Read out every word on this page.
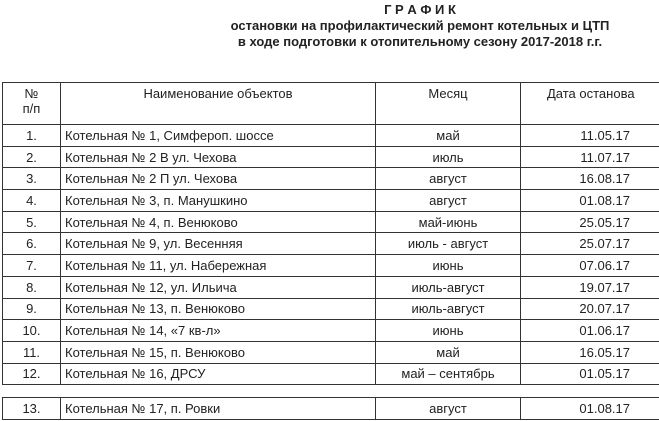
Г Р А Ф И К
остановки на профилактический ремонт котельных и ЦТП
в ходе подготовки к отопительному сезону 2017-2018 г.г.
№
п/п	Наименование объектов	Месяц	Дата останова
1.	Котельная № 1, Симфероп. шоссе	май	11.05.17
2.	Котельная № 2 В ул. Чехова	июль	11.07.17
3.	Котельная № 2 П ул. Чехова	август	16.08.17
4.	Котельная № 3, п. Манушкино	август	01.08.17
5.	Котельная № 4, п. Венюково	май-июнь	25.05.17
6.	Котельная № 9, ул. Весенняя	июль - август	25.07.17
7.	Котельная № 11, ул. Набережная	июнь	07.06.17
8.	Котельная № 12, ул. Ильича	июль-август	19.07.17
9.	Котельная № 13, п. Венюково	июль-август	20.07.17
10.	Котельная № 14, «7 кв-л»	июнь	01.06.17
11.	Котельная № 15, п. Венюково	май	16.05.17
12.	Котельная № 16, ДРСУ	май – сентябрь	01.05.17
13.	Котельная № 17, п. Ровки	август	01.08.17
